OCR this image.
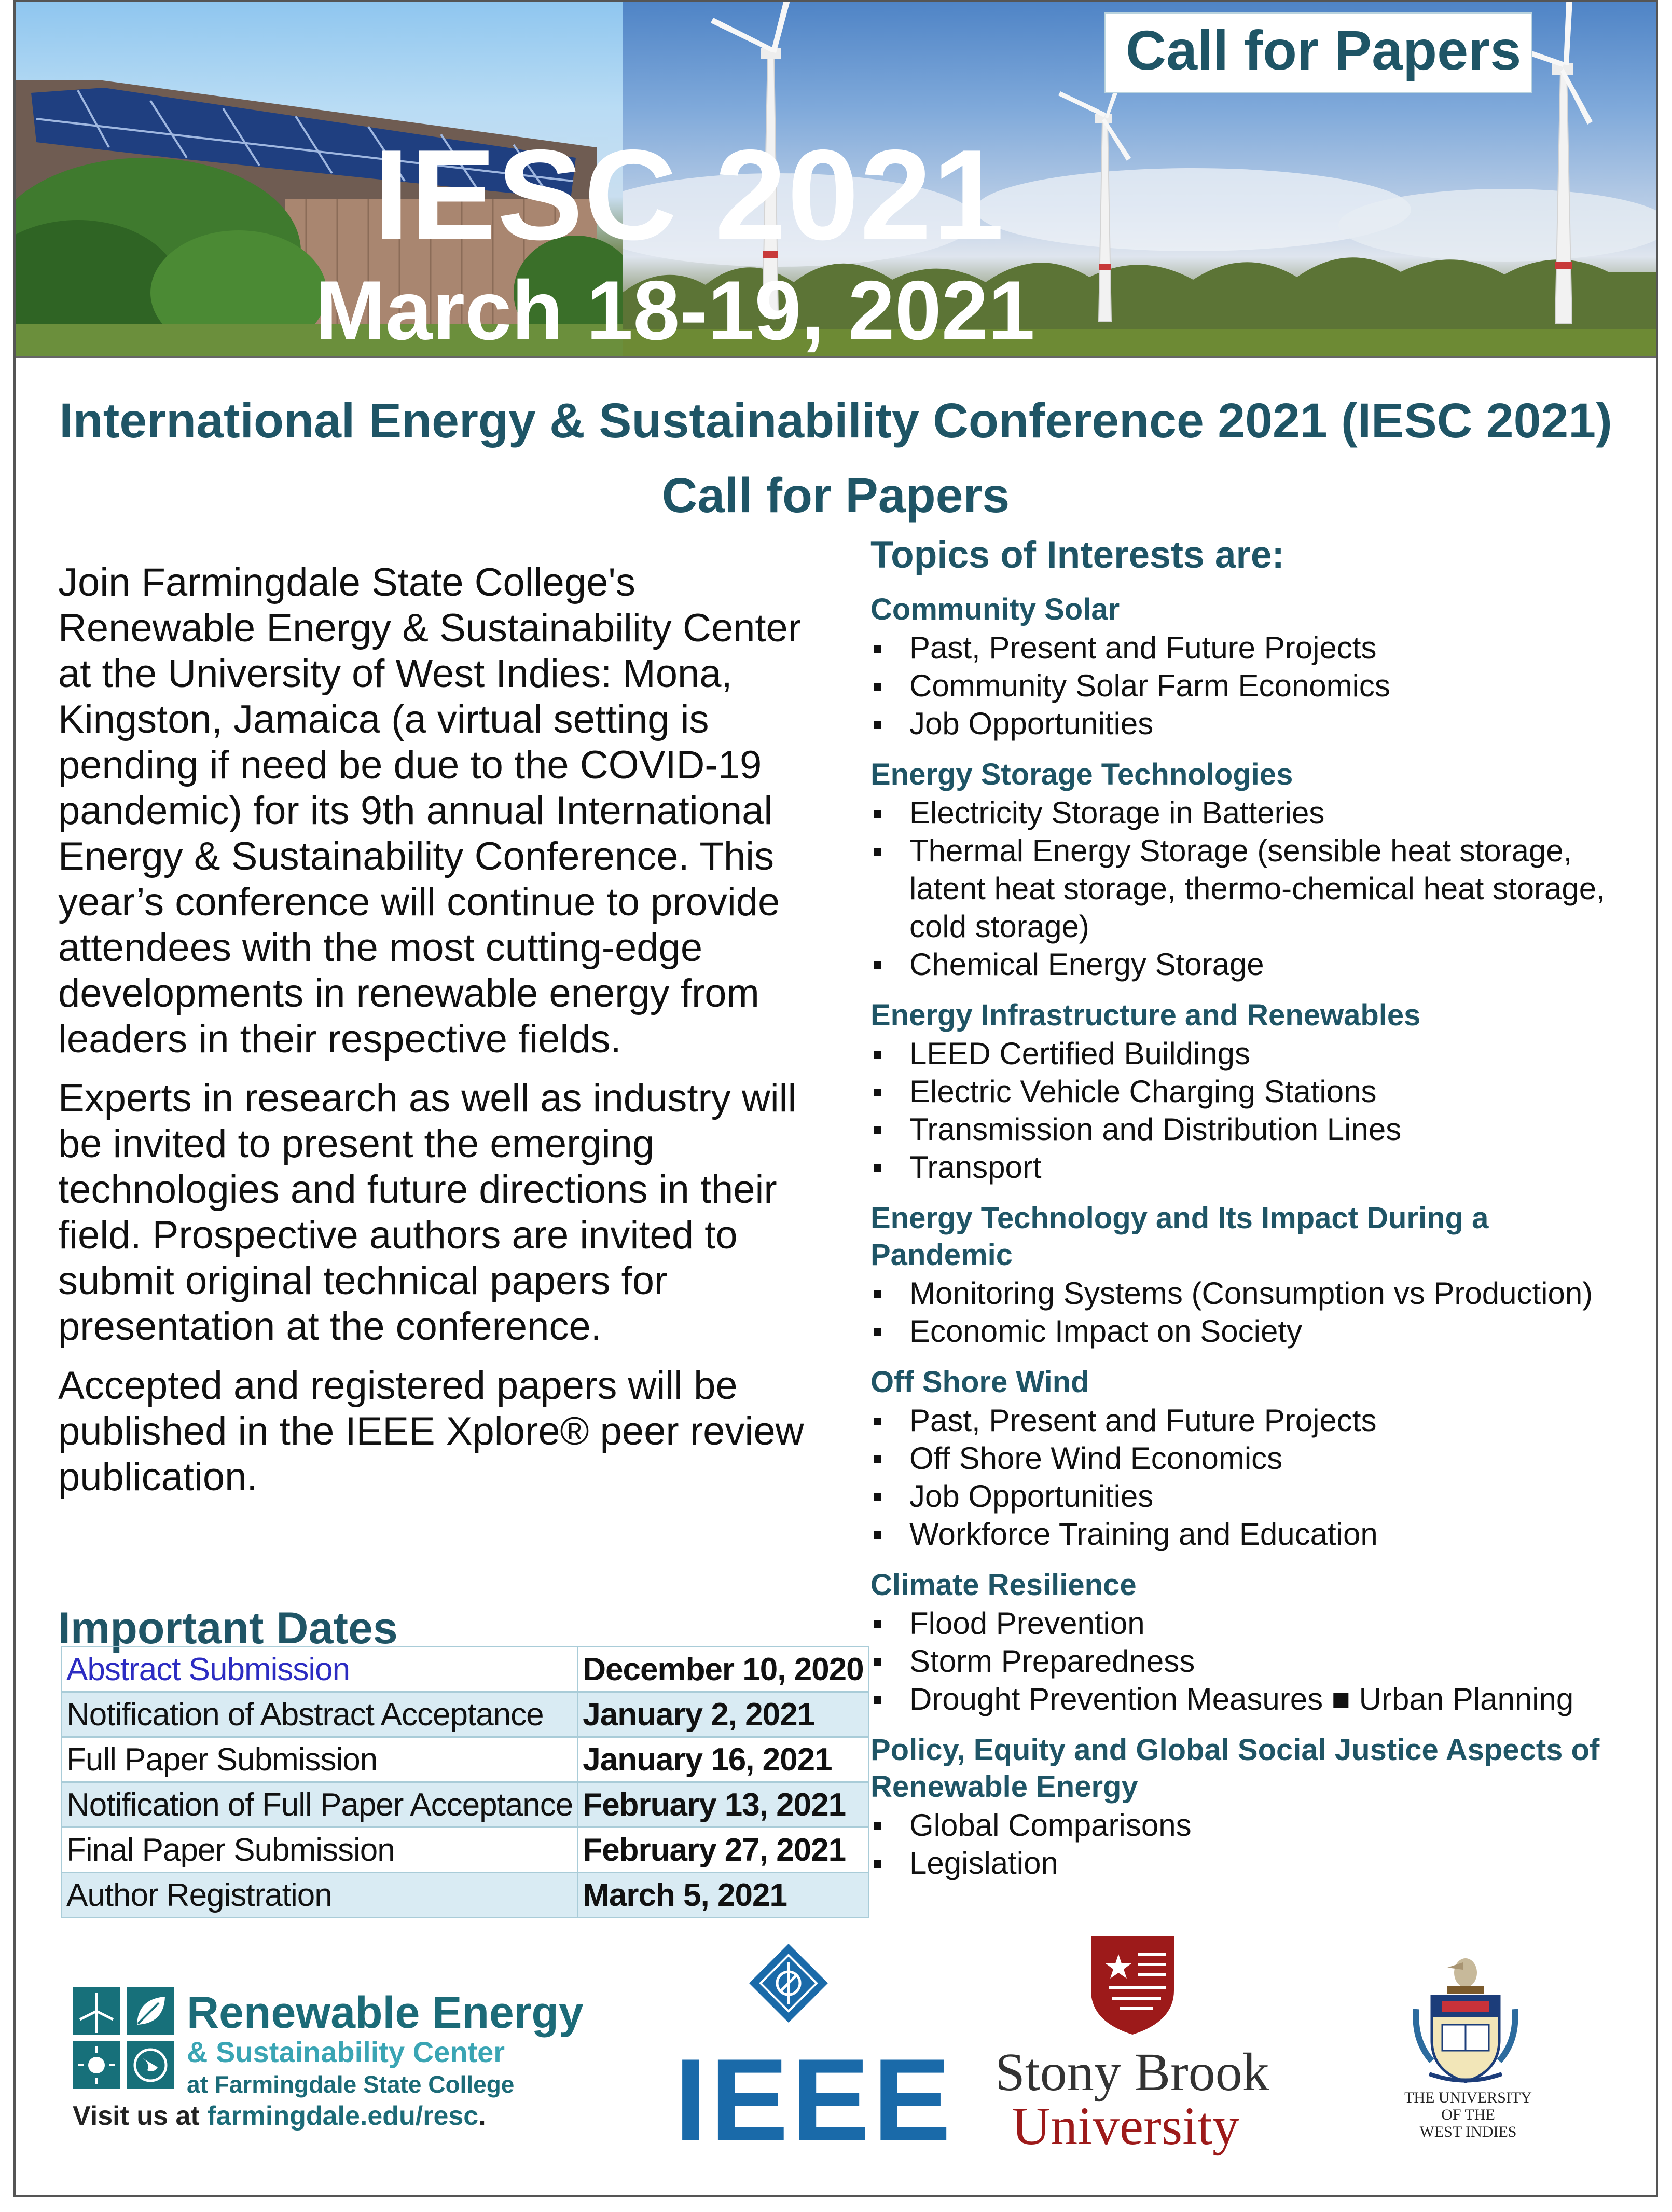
Call for Papers
IESC 2021
March 18-19, 2021
International Energy & Sustainability Conference 2021 (IESC 2021)
Call for Papers

Join Farmingdale State College's Renewable Energy & Sustainability Center at the University of West Indies: Mona, Kingston, Jamaica (a virtual setting is pending if need be due to the COVID-19 pandemic) for its 9th annual International Energy & Sustainability Conference. This year’s conference will continue to provide attendees with the most cutting-edge developments in renewable energy from leaders in their respective fields.

Experts in research as well as industry will be invited to present the emerging technologies and future directions in their field. Prospective authors are invited to submit original technical papers for presentation at the conference.

Accepted and registered papers will be published in the IEEE Xplore® peer review publication.

Important Dates
Abstract Submission	December 10, 2020
Notification of Abstract Acceptance	January 2, 2021
Full Paper Submission	January 16, 2021
Notification of Full Paper Acceptance	February 13, 2021
Final Paper Submission	February 27, 2021
Author Registration	March 5, 2021
Topics of Interests are:
Community Solar
Past, Present and Future Projects
Community Solar Farm Economics
Job Opportunities
Energy Storage Technologies
Electricity Storage in Batteries
Thermal Energy Storage (sensible heat storage, latent heat storage, thermo-chemical heat storage, cold storage)
Chemical Energy Storage
Energy Infrastructure and Renewables
LEED Certified Buildings
Electric Vehicle Charging Stations
Transmission and Distribution Lines
Transport
Energy Technology and Its Impact During a Pandemic
Monitoring Systems (Consumption vs Production)
Economic Impact on Society
Off Shore Wind
Past, Present and Future Projects
Off Shore Wind Economics
Job Opportunities
Workforce Training and Education
Climate Resilience
Flood Prevention
Storm Preparedness
Drought Prevention Measures ■ Urban Planning
Policy, Equity and Global Social Justice Aspects of Renewable Energy
Global Comparisons
Legislation
Renewable Energy
& Sustainability Center
at Farmingdale State College
Visit us at farmingdale.edu/resc. IEEE Stony Brook
University	THE UNIVERSITY
OF THE
WEST INDIES
